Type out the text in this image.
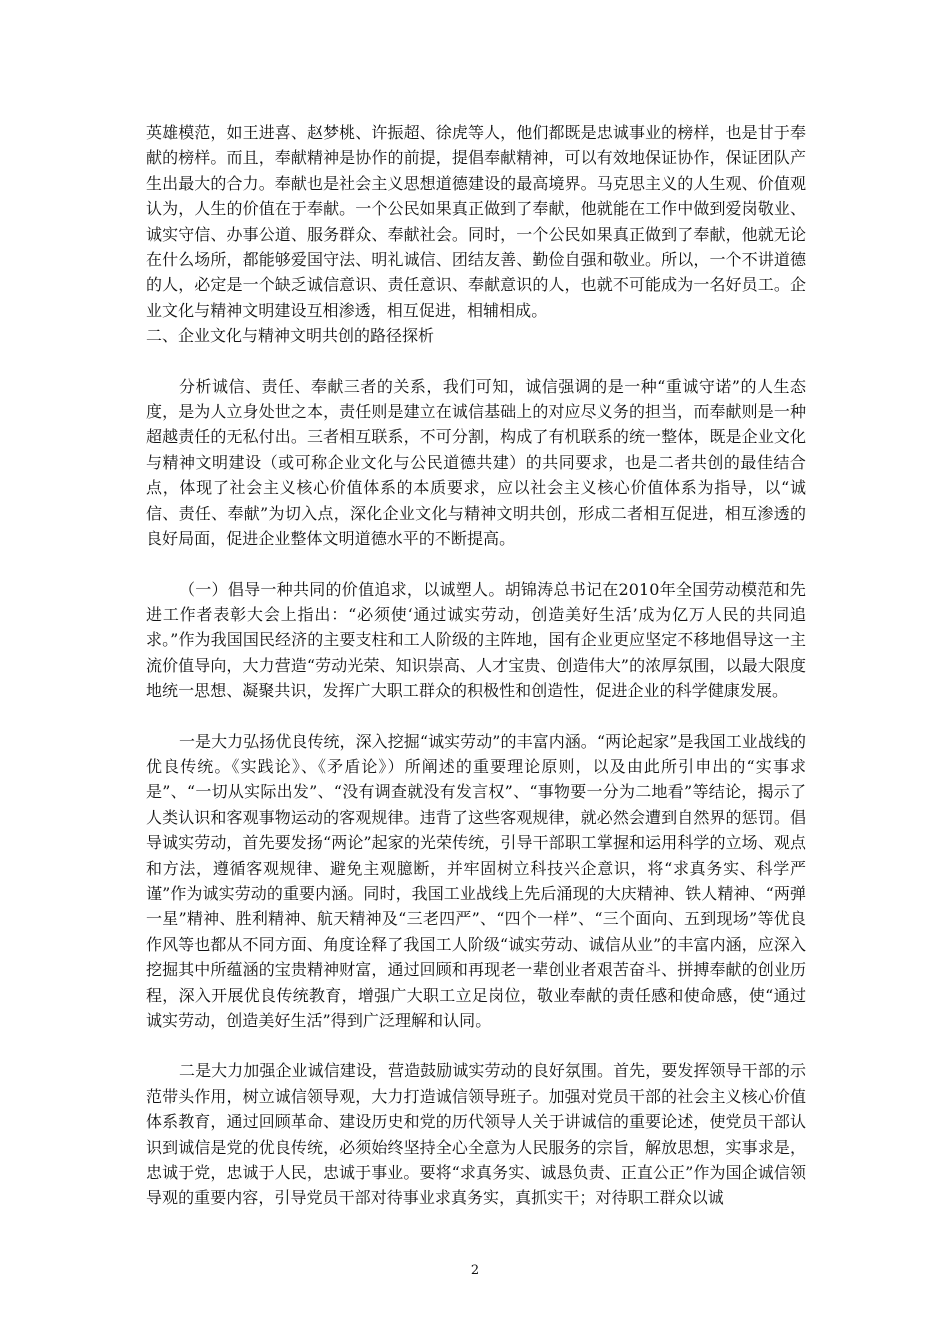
英雄模范，如王进喜、赵梦桃、许振超、徐虎等人，他们都既是忠诚事业的榜样，也是甘于奉献的榜样。而且，奉献精神是协作的前提，提倡奉献精神，可以有效地保证协作，保证团队产生出最大的合力。奉献也是社会主义思想道德建设的最高境界。马克思主义的人生观、价值观认为，人生的价值在于奉献。一个公民如果真正做到了奉献，他就能在工作中做到爱岗敬业、诚实守信、办事公道、服务群众、奉献社会。同时，一个公民如果真正做到了奉献，他就无论在什么场所，都能够爱国守法、明礼诚信、团结友善、勤俭自强和敬业。所以，一个不讲道德的人，必定是一个缺乏诚信意识、责任意识、奉献意识的人，也就不可能成为一名好员工。企业文化与精神文明建设互相渗透，相互促进，相辅相成。

二、企业文化与精神文明共创的路径探析

分析诚信、责任、奉献三者的关系，我们可知，诚信强调的是一种“重诚守诺”的人生态度，是为人立身处世之本，责任则是建立在诚信基础上的对应尽义务的担当，而奉献则是一种超越责任的无私付出。三者相互联系，不可分割，构成了有机联系的统一整体，既是企业文化与精神文明建设（或可称企业文化与公民道德共建）的共同要求，也是二者共创的最佳结合点，体现了社会主义核心价值体系的本质要求，应以社会主义核心价值体系为指导，以“诚信、责任、奉献”为切入点，深化企业文化与精神文明共创，形成二者相互促进，相互渗透的良好局面，促进企业整体文明道德水平的不断提高。

（一）倡导一种共同的价值追求，以诚塑人。胡锦涛总书记在2010年全国劳动模范和先进工作者表彰大会上指出：“必须使‘通过诚实劳动，创造美好生活’成为亿万人民的共同追求。”作为我国国民经济的主要支柱和工人阶级的主阵地，国有企业更应坚定不移地倡导这一主流价值导向，大力营造“劳动光荣、知识崇高、人才宝贵、创造伟大”的浓厚氛围，以最大限度地统一思想、凝聚共识，发挥广大职工群众的积极性和创造性，促进企业的科学健康发展。

一是大力弘扬优良传统，深入挖掘“诚实劳动”的丰富内涵。“两论起家”是我国工业战线的优良传统。《实践论》、《矛盾论》）所阐述的重要理论原则，以及由此所引申出的“实事求是”、“一切从实际出发”、“没有调查就没有发言权”、“事物要一分为二地看”等结论，揭示了人类认识和客观事物运动的客观规律。违背了这些客观规律，就必然会遭到自然界的惩罚。倡导诚实劳动，首先要发扬“两论”起家的光荣传统，引导干部职工掌握和运用科学的立场、观点和方法，遵循客观规律、避免主观臆断，并牢固树立科技兴企意识，将“求真务实、科学严谨”作为诚实劳动的重要内涵。同时，我国工业战线上先后涌现的大庆精神、铁人精神、“两弹一星”精神、胜利精神、航天精神及“三老四严”、“四个一样”、“三个面向、五到现场”等优良作风等也都从不同方面、角度诠释了我国工人阶级“诚实劳动、诚信从业”的丰富内涵，应深入挖掘其中所蕴涵的宝贵精神财富，通过回顾和再现老一辈创业者艰苦奋斗、拼搏奉献的创业历程，深入开展优良传统教育，增强广大职工立足岗位，敬业奉献的责任感和使命感，使“通过诚实劳动，创造美好生活”得到广泛理解和认同。

二是大力加强企业诚信建设，营造鼓励诚实劳动的良好氛围。首先，要发挥领导干部的示范带头作用，树立诚信领导观，大力打造诚信领导班子。加强对党员干部的社会主义核心价值体系教育，通过回顾革命、建设历史和党的历代领导人关于讲诚信的重要论述，使党员干部认识到诚信是党的优良传统，必须始终坚持全心全意为人民服务的宗旨，解放思想，实事求是，忠诚于党，忠诚于人民，忠诚于事业。要将“求真务实、诚恳负责、正直公正”作为国企诚信领导观的重要内容，引导党员干部对待事业求真务实，真抓实干；对待职工群众以诚

2
